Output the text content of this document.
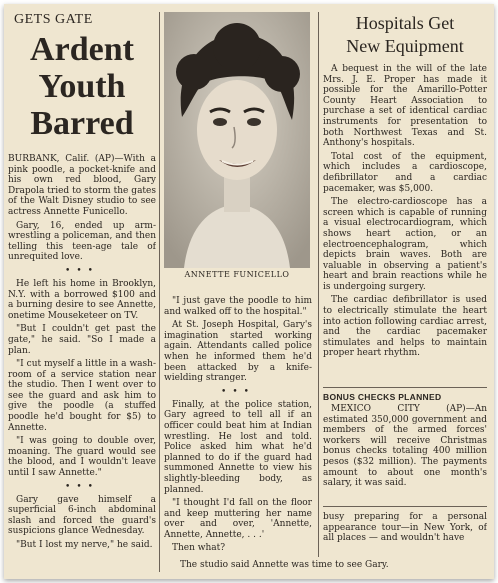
GETS GATE
Ardent
Youth
Barred

BURBANK, Calif. (AP)—With a pink poodle, a pocket-knife and his own red blood, Gary Drapola tried to storm the gates of the Walt Disney studio to see actress Annette Funicello.

Gary, 16, ended up arm-wrestling a policeman, and then telling this teen-age tale of unrequited love.

•••

He left his home in Brooklyn, N.Y. with a borrowed $100 and a burning desire to see Annette, onetime Mouseketeer on TV.

"But I couldn't get past the gate," he said. "So I made a plan.

"I cut myself a little in a wash-room of a service station near the studio. Then I went over to see the guard and ask him to give the poodle (a stuffed poodle he'd bought for $5) to Annette.

"I was going to double over, moaning. The guard would see the blood, and I wouldn't leave until I saw Annette."

•••

Gary gave himself a superficial 6-inch abdominal slash and forced the guard's suspicions glance Wednesday.

"But I lost my nerve," he said.

ANNETTE FUNICELLO

"I just gave the poodle to him and walked off to the hospital."

At St. Joseph Hospital, Gary's imagination started working again. Attendants called police when he informed them he'd been attacked by a knife-wielding stranger.

•••

Finally, at the police station, Gary agreed to tell all if an officer could beat him at Indian wrestling. He lost and told. Police asked him what he'd planned to do if the guard had summoned Annette to view his slightly-bleeding body, as planned.

"I thought I'd fall on the floor and keep muttering her name over and over, 'Annette, Annette, Annette, . . .'

Then what?

The studio said Annette was time to see Gary.
Hospitals Get
New Equipment

A bequest in the will of the late Mrs. J. E. Proper has made it possible for the Amarillo-Potter County Heart Association to purchase a set of identical cardiac instruments for presentation to both Northwest Texas and St. Anthony's hospitals.

Total cost of the equipment, which includes a cardioscope, defibrillator and a cardiac pacemaker, was $5,000.

The electro-cardioscope has a screen which is capable of running a visual electrocardiogram, which shows heart action, or an electroencephalogram, which depicts brain waves. Both are valuable in observing a patient's heart and brain reactions while he is undergoing surgery.

The cardiac defibrillator is used to electrically stimulate the heart into action following cardiac arrest, and the cardiac pacemaker stimulates and helps to maintain proper heart rhythm.

BONUS CHECKS PLANNED

MEXICO CITY (AP)—An estimated 350,000 government and members of the armed forces' workers will receive Christmas bonus checks totaling 400 million pesos ($32 million). The payments amount to about one month's salary, it was said.

busy preparing for a personal appearance tour—in New York, of all places — and wouldn't have
